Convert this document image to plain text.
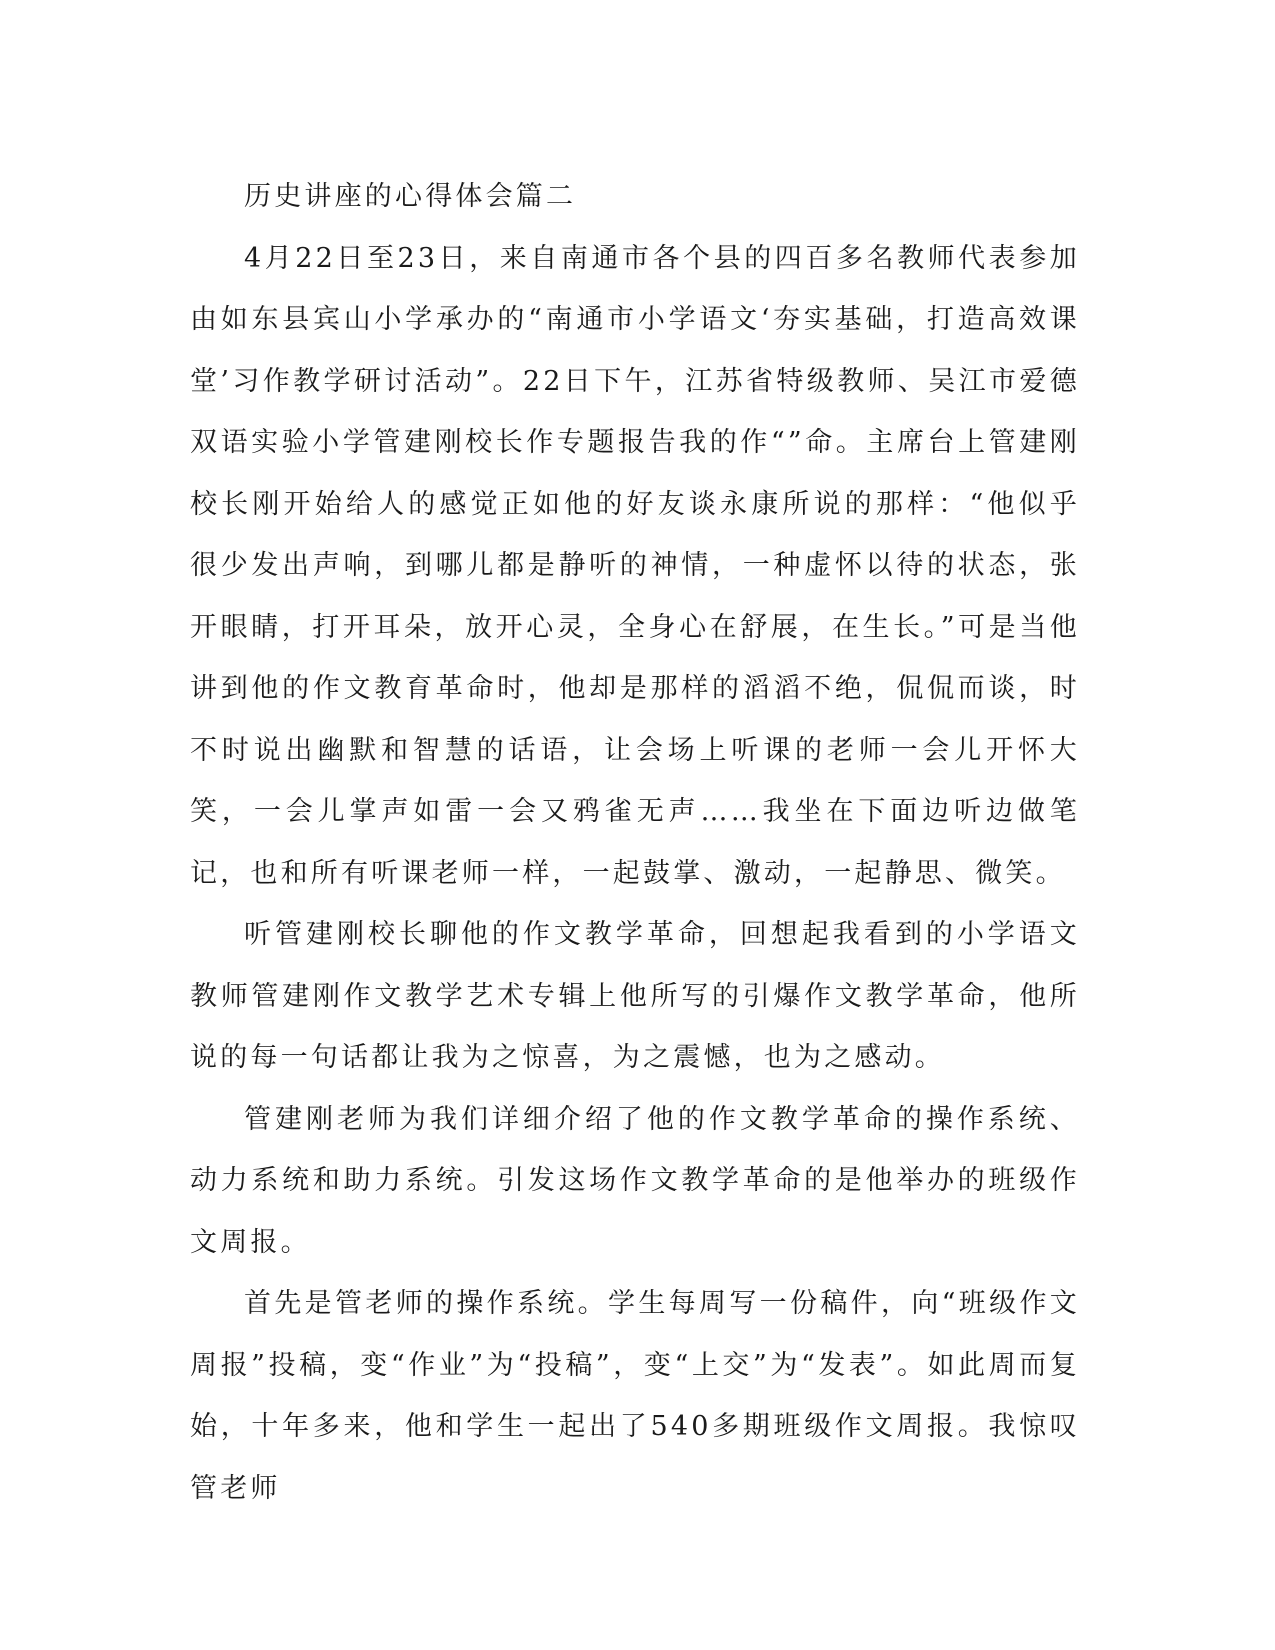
历史讲座的心得体会篇二

4月22日至23日，来自南通市各个县的四百多名教师代表参加由如东县宾山小学承办的“南通市小学语文‘夯实基础，打造高效课堂’习作教学研讨活动”。22日下午，江苏省特级教师、吴江市爱德双语实验小学管建刚校长作专题报告我的作“”命。主席台上管建刚校长刚开始给人的感觉正如他的好友谈永康所说的那样：“他似乎很少发出声响，到哪儿都是静听的神情，一种虚怀以待的状态，张开眼睛，打开耳朵，放开心灵，全身心在舒展，在生长。”可是当他讲到他的作文教育革命时，他却是那样的滔滔不绝，侃侃而谈，时不时说出幽默和智慧的话语，让会场上听课的老师一会儿开怀大笑，一会儿掌声如雷一会又鸦雀无声……我坐在下面边听边做笔记，也和所有听课老师一样，一起鼓掌、激动，一起静思、微笑。

听管建刚校长聊他的作文教学革命，回想起我看到的小学语文教师管建刚作文教学艺术专辑上他所写的引爆作文教学革命，他所说的每一句话都让我为之惊喜，为之震憾，也为之感动。

管建刚老师为我们详细介绍了他的作文教学革命的操作系统、动力系统和助力系统。引发这场作文教学革命的是他举办的班级作文周报。

首先是管老师的操作系统。学生每周写一份稿件，向“班级作文周报”投稿，变“作业”为“投稿”，变“上交”为“发表”。如此周而复始，十年多来，他和学生一起出了540多期班级作文周报。我惊叹管老师
